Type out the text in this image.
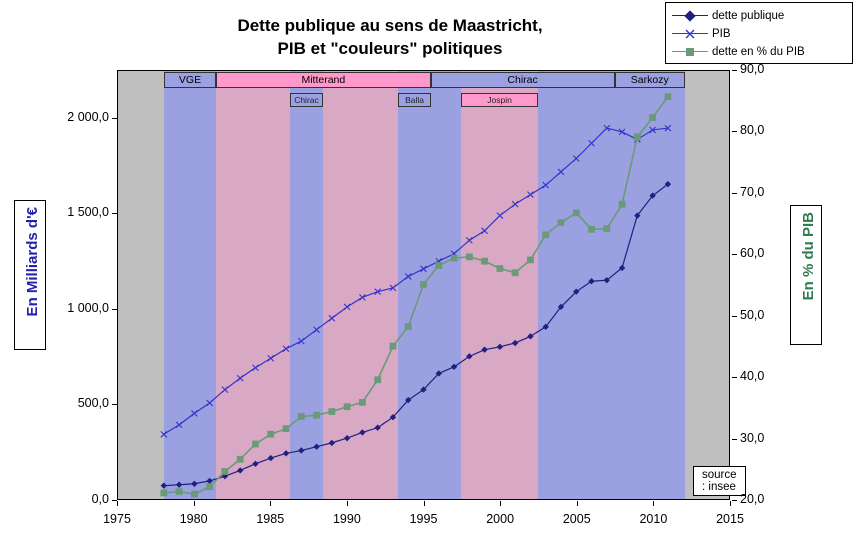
dette publique
PIB
dette en % du PIB
Dette publique au sens de Maastricht,
PIB et "couleurs" politiques
En Milliards d'€	En % du PIB
VGE	Mitterand	Chirac	Sarkozy
Chirac	Balla	Jospin
source : insee
0,0
500,0
1 000,0
1 500,0
2 000,0
20,0
30,0
40,0
50,0
60,0
70,0
80,0
90,0
1975	1980	1985	1990	1995	2000	2005	2010	2015
